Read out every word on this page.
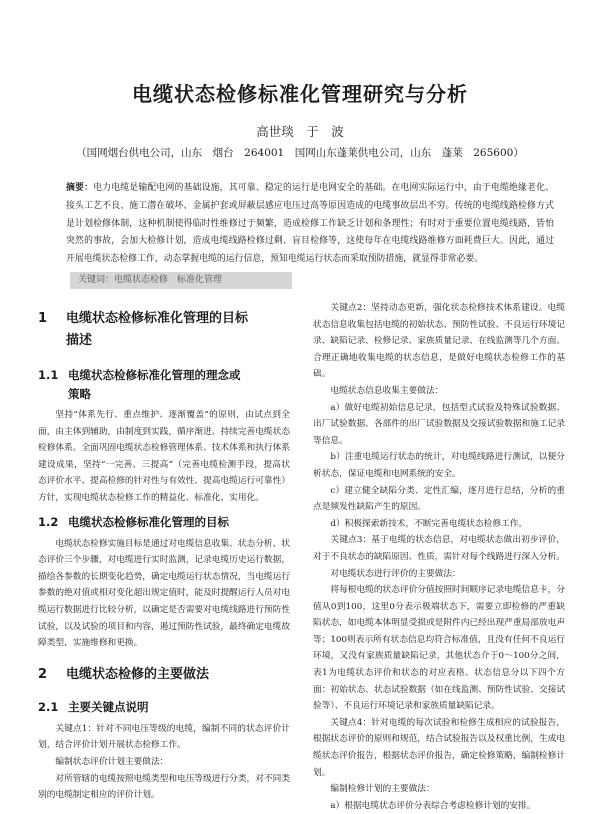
电缆状态检修标准化管理研究与分析
高世琰　于　波
（国网烟台供电公司，山东　烟台　264001　国网山东蓬莱供电公司，山东　蓬莱　265600）

摘要：电力电缆是输配电网的基础设施，其可靠、稳定的运行是电网安全的基础。在电网实际运行中，由于电缆绝缘老化、接头工艺不良、施工潜在破坏、金属护套或屏蔽层感应电压过高等原因造成的电缆事故层出不穷。传统的电缆线路检修方式是计划检修体制，这种机制使得临时性维修过于频繁，造成检修工作缺乏计划和条理性；有时对于重要位置电缆线路，皆怕突然的事故，会加大检修计划，造成电缆线路检修过剩、盲目检修等，这使每年在电缆线路维修方面耗费巨大。因此，通过开展电缆状态检修工作，动态掌握电缆的运行信息，预知电缆运行状态而采取预防措施，就显得非常必要。

关键词：电缆状态检修　标准化管理
1 电缆状态检修标准化管理的目标
描述
1.1 电缆状态检修标准化管理的理念或
策略

坚持“体系先行、重点维护、逐渐覆盖”的原则，由试点到全面，由主体到辅助，由制度到实践，循序渐进、持续完善电缆状态检修体系。全面巩固电缆状态检修管理体系、技术体系和执行体系建设成果，坚持“一完善、三提高”（完善电缆检测手段，提高状态评价水平、提高检修的针对性与有效性、提高电缆运行可靠性）方针，实现电缆状态检修工作的精益化、标准化、实用化。

1.2 电缆状态检修标准化管理的目标

电缆状态检修实施目标是通过对电缆信息收集、状态分析、状态评价三个步骤，对电缆进行实时监测，记录电缆历史运行数据，描绘各参数的长期变化趋势，确定电缆运行状态情况，当电缆运行参数的绝对值或相对变化超出规定值时，能及时提醒运行人员对电缆运行数据进行比较分析，以确定是否需要对电缆线路进行预防性试验，以及试验的项目和内容，遏过预防性试验，最终确定电缆故障类型，实施维修和更换。

2 电缆状态检修的主要做法
2.1 主要关键点说明

关键点1：针对不同电压等级的电缆，编制不同的状态评价计划，结合评价计划开展状态检修工作。

编制状态评价计划主要做法：

对所管辖的电缆按照电缆类型和电压等级进行分类，对不同类别的电缆制定相应的评价计划。

关键点2：坚持动态更新，强化状态检修技术体系建设。电缆状态信息收集包括电缆的初始状态、预防性试验、不良运行环境记录、缺陷记录、检修记录、家族质量记录、在线监测等几个方面。合理正确地收集电缆的状态信息，是做好电缆状态检修工作的基础。

电缆状态信息收集主要做法：

a）做好电缆初始信息记录，包括型式试验及特殊试验数据、出厂试验数据、各部件的出厂试验数据及交接试验数据和施工记录等信息。

b）注重电缆运行状态的统计，对电缆线路进行测试，以便分析状态，保证电缆和电网系统的安全。

c）建立健全缺陷分类、定性汇编，逐月进行总结，分析的重点是频发性缺陷产生的原因。

d）积极探索新技术，不断完善电缆状态检修工作。

关键点3：基于电缆的状态信息，对电缆状态做出初步评价，对于不良状态的缺陷原因、性质，需针对每个线路进行深入分析。

对电缆状态进行评价的主要做法：

将每根电缆的状态评价分值按照时间顺序记录电缆信息卡，分值从0到100，这里0分表示极端状态下，需要立即检修的严重缺陷状态，如电缆本体明显受损或是附件内已经出现严重局部放电声等；100则表示所有状态信息均符合标准值，且没有任何不良运行环境，又没有家族质量缺陷记录，其他状态介于0～100分之间，表1为电缆状态评价和状态的对应表格。状态信息分以下四个方面：初始状态、状态试验数据（如在线监测、预防性试验、交接试验等）、不良运行环境记录和家族质量缺陷记录。

关键点4：针对电缆的每次试验和检修生成相应的试验报告，根据状态评价的原则和规范，结合试验报告以及权重比例，生成电缆状态评价报告，根据状态评价报告，确定检修策略，编制检修计划。

编制检修计划的主要做法：

a）根据电缆状态评价分表综合考虑检修计划的安排。
